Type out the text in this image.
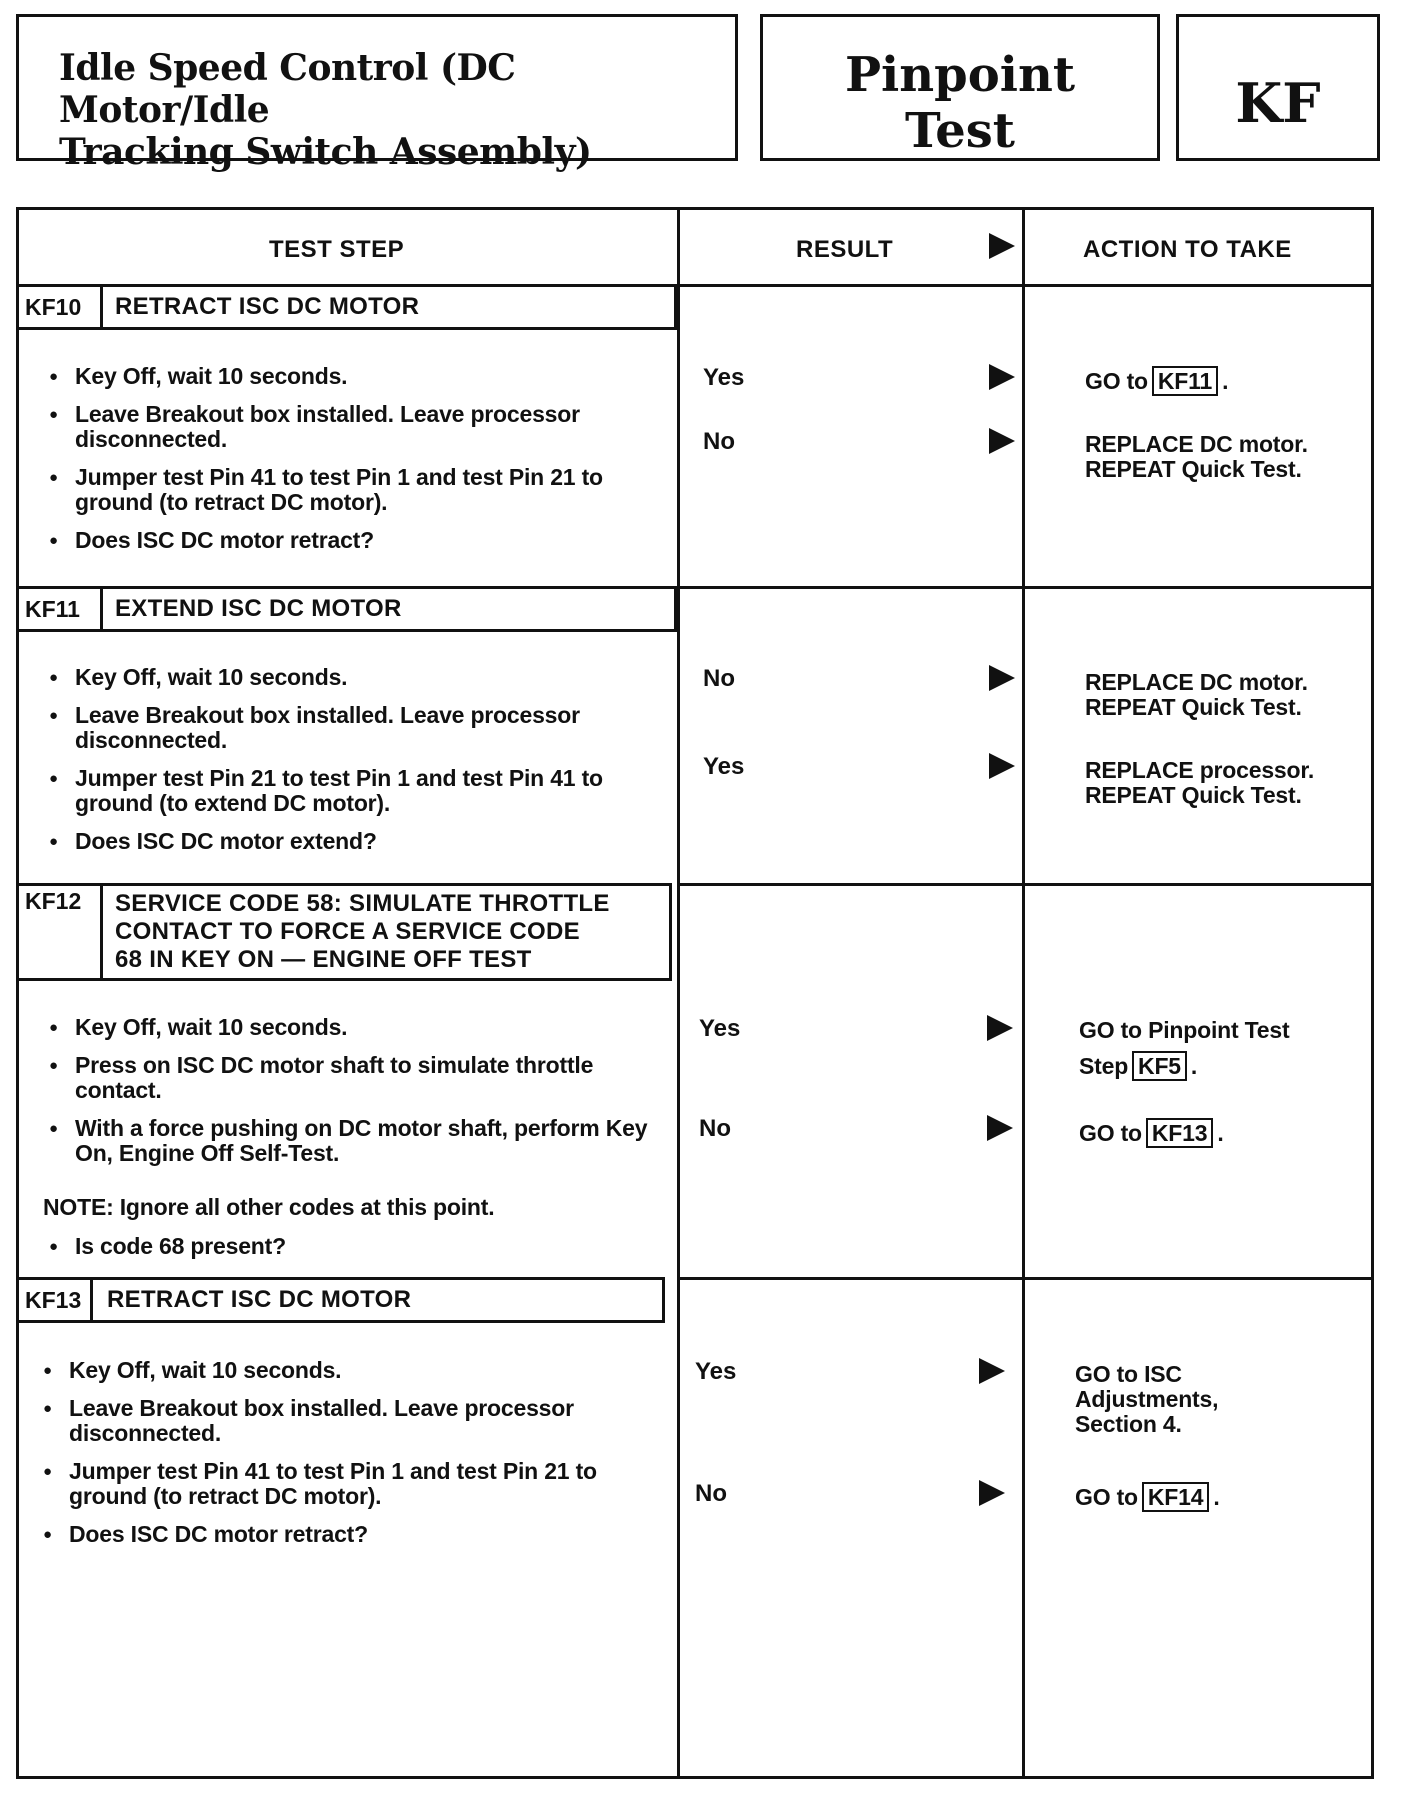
Idle Speed Control (DC Motor/Idle
Tracking Switch Assembly)
Pinpoint
Test	KF
TEST STEP	RESULT	ACTION TO TAKE
KF10	RETRACT ISC DC MOTOR
● Key Off, wait 10 seconds.
● Leave Breakout box installed. Leave processor disconnected.
● Jumper test Pin 41 to test Pin 1 and test Pin 21 to ground (to retract DC motor).
● Does ISC DC motor retract?
Yes	GO to KF11 .
No	REPLACE DC motor.
REPEAT Quick Test.
KF11	EXTEND ISC DC MOTOR
● Key Off, wait 10 seconds.
● Leave Breakout box installed. Leave processor disconnected.
● Jumper test Pin 21 to test Pin 1 and test Pin 41 to ground (to extend DC motor).
● Does ISC DC motor extend?
No	REPLACE DC motor.
REPEAT Quick Test.
Yes	REPLACE processor.
REPEAT Quick Test.
KF12	SERVICE CODE 58: SIMULATE THROTTLE
CONTACT TO FORCE A SERVICE CODE
68 IN KEY ON — ENGINE OFF TEST
● Key Off, wait 10 seconds.
● Press on ISC DC motor shaft to simulate throttle contact.
● With a force pushing on DC motor shaft, perform Key On, Engine Off Self-Test.
NOTE: Ignore all other codes at this point.
● Is code 68 present?
Yes	GO to Pinpoint Test
Step KF5 .
No	GO to KF13 .
KF13	RETRACT ISC DC MOTOR
● Key Off, wait 10 seconds.
● Leave Breakout box installed. Leave processor disconnected.
● Jumper test Pin 41 to test Pin 1 and test Pin 21 to ground (to retract DC motor).
● Does ISC DC motor retract?
Yes	GO to ISC
Adjustments,
Section 4.
No	GO to KF14 .
